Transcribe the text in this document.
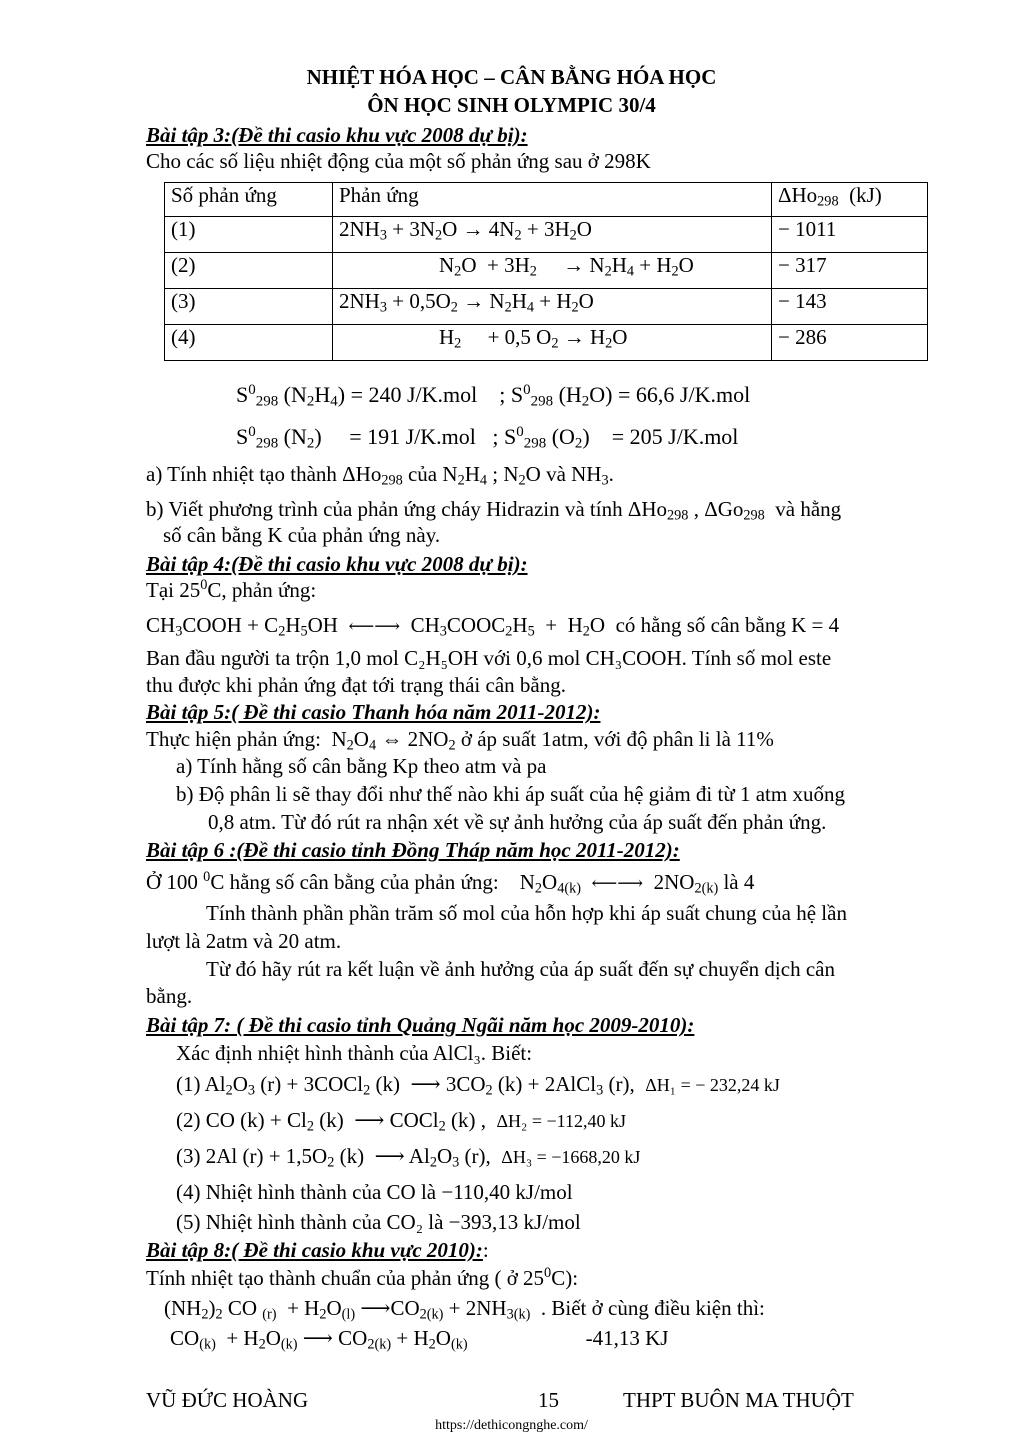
NHIỆT HÓA HỌC – CÂN BẰNG HÓA HỌC
ÔN HỌC SINH OLYMPIC 30/4
Bài tập 3:(Đề thi casio khu vực 2008 dự bị):
Cho các số liệu nhiệt động của một số phản ứng sau ở 298K
Số phản ứng	Phản ứng	ΔHo$_{298}$ (kJ)
(1)	$2NH_3 + 3N_2O \to 4N_2 + 3H_2O$	− 1011
(2)	$N_2O + 3H_2$     → $N_2H_4 + H_2O$	− 317
(3)	$2NH_3 + 0,5O_2 \to N_2H_4 + H_2O$	− 143
(4)	$H_2$     + 0,5 $O_2 \to H_2O$	− 286
$S^0_{298}$ $(N_2H_4) = 240$ J/K.mol    ; $S^0_{298}$ $(H_2O) = 66,6$ J/K.mol
$S^0_{298}$ $(N_2)$     = 191 J/K.mol   ; $S^0_{298}$ $(O_2)$    = 205 J/K.mol
a) Tính nhiệt tạo thành ΔHo$_{298}$ của $N_2H_4$ ; $N_2O$ và $NH_3$.
b) Viết phương trình của phản ứng cháy Hidrazin và tính ΔHo$_{298}$ , ΔGo$_{298}$ và hằng
số cân bằng K của phản ứng này.
Bài tập 4:(Đề thi casio khu vực 2008 dự bị):
Tại $25^0C$, phản ứng:
$CH_3COOH + C_2H_5OH$  ⟵⟶  $CH_3COOC_2H_5 + H_2O$  có hằng số cân bằng K = 4
Ban đầu người ta trộn 1,0 mol C₂H₅OH với 0,6 mol CH₃COOH. Tính số mol este
thu được khi phản ứng đạt tới trạng thái cân bằng.
Bài tập 5:( Đề thi casio Thanh hóa năm 2011-2012):
Thực hiện phản ứng:  $N_2O_4$ ⇔ $2NO_2$ ở áp suất 1atm, với độ phân li là 11%
a) Tính hằng số cân bằng Kp theo atm và pa
b) Độ phân li sẽ thay đổi như thế nào khi áp suất của hệ giảm đi từ 1 atm xuống
0,8 atm. Từ đó rút ra nhận xét về sự ảnh hưởng của áp suất đến phản ứng.
Bài tập 6 :(Đề thi casio tỉnh Đồng Tháp năm học 2011-2012):
Ở 100 $^0$C hằng số cân bằng của phản ứng:    $N_2O_{4(k)}$ ⟵⟶  $2NO_{2(k)}$ là 4
Tính thành phần phần trăm số mol của hỗn hợp khi áp suất chung của hệ lần
lượt là 2atm và 20 atm.
Từ đó hãy rút ra kết luận về ảnh hưởng của áp suất đến sự chuyển dịch cân
bằng.
Bài tập 7: ( Đề thi casio tỉnh Quảng Ngãi năm học 2009-2010):
Xác định nhiệt hình thành của AlCl₃. Biết:
(1) $Al_2O_3$ (r) + 3COCl$_2$ (k)  ⟶ $3CO_2$ (k) + 2AlCl$_3$ (r),  ΔH₁ = − 232,24 kJ
(2) CO $(k) + Cl_2$ (k)  ⟶ COCl$_2$ (k) ,  ΔH₂ = −112,40 kJ
(3) 2Al $(r) + 1,5O_2$ (k)  ⟶ $Al_2O_3$ (r),  ΔH₃ = −1668,20 kJ
(4) Nhiệt hình thành của CO là −110,40 kJ/mol
(5) Nhiệt hình thành của CO₂ là −393,13 kJ/mol
Bài tập 8:( Đề thi casio khu vực 2010)::
Tính nhiệt tạo thành chuẩn của phản ứng ( ở $25^0C$):
$(NH_2)_2$ CO $_{(r)} + H_2O_{(l)}$ $⟶CO_{2(k)} + 2NH_{3(k)}$ . Biết ở cùng điều kiện thì:
$CO_{(k)} + H_2O_{(k)}$ ⟶ $CO_{2(k)} + H_2O_{(k)}$	-41,13 KJ
VŨ ĐỨC HOÀNG	15	THPT BUÔN MA THUỘT
https://dethicongnghe.com/
